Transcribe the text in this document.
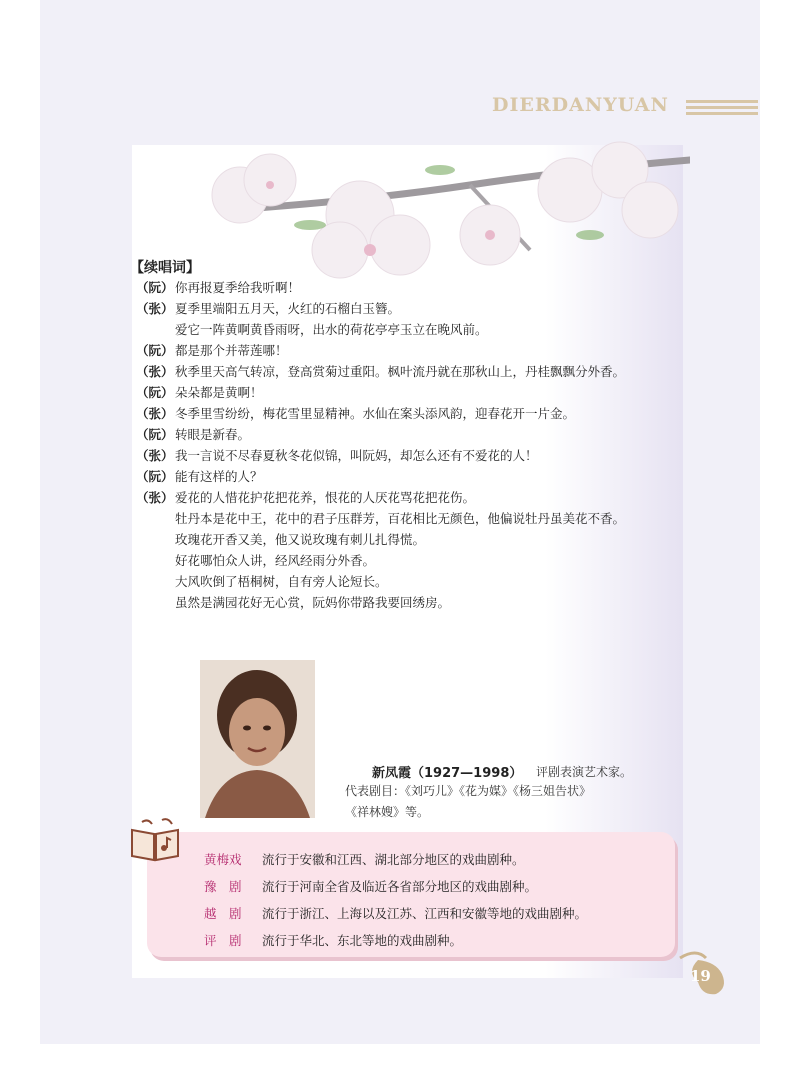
DIERDANYUAN
【续唱词】
（阮） 你再报夏季给我听啊！
（张） 夏季里端阳五月天，火红的石榴白玉簪。
爱它一阵黄啊黄昏雨呀，出水的荷花亭亭玉立在晚风前。
（阮） 都是那个并蒂莲哪！
（张） 秋季里天高气转凉，登高赏菊过重阳。枫叶流丹就在那秋山上，丹桂飘飘分外香。
（阮） 朵朵都是黄啊！
（张） 冬季里雪纷纷，梅花雪里显精神。水仙在案头添风韵，迎春花开一片金。
（阮） 转眼是新春。
（张） 我一言说不尽春夏秋冬花似锦，叫阮妈，却怎么还有不爱花的人！
（阮） 能有这样的人？
（张） 爱花的人惜花护花把花养，恨花的人厌花骂花把花伤。
牡丹本是花中王，花中的君子压群芳，百花相比无颜色，他偏说牡丹虽美花不香。
玫瑰花开香又美，他又说玫瑰有刺儿扎得慌。
好花哪怕众人讲，经风经雨分外香。
大风吹倒了梧桐树，自有旁人论短长。
虽然是满园花好无心赏，阮妈你带路我要回绣房。
新凤霞（1927—1998） 评剧表演艺术家。
代表剧目：《刘巧儿》《花为媒》《杨三姐告状》
《祥林嫂》等。
黄梅戏 流行于安徽和江西、湖北部分地区的戏曲剧种。
豫　剧 流行于河南全省及临近各省部分地区的戏曲剧种。
越　剧 流行于浙江、上海以及江苏、江西和安徽等地的戏曲剧种。
评　剧 流行于华北、东北等地的戏曲剧种。
19
